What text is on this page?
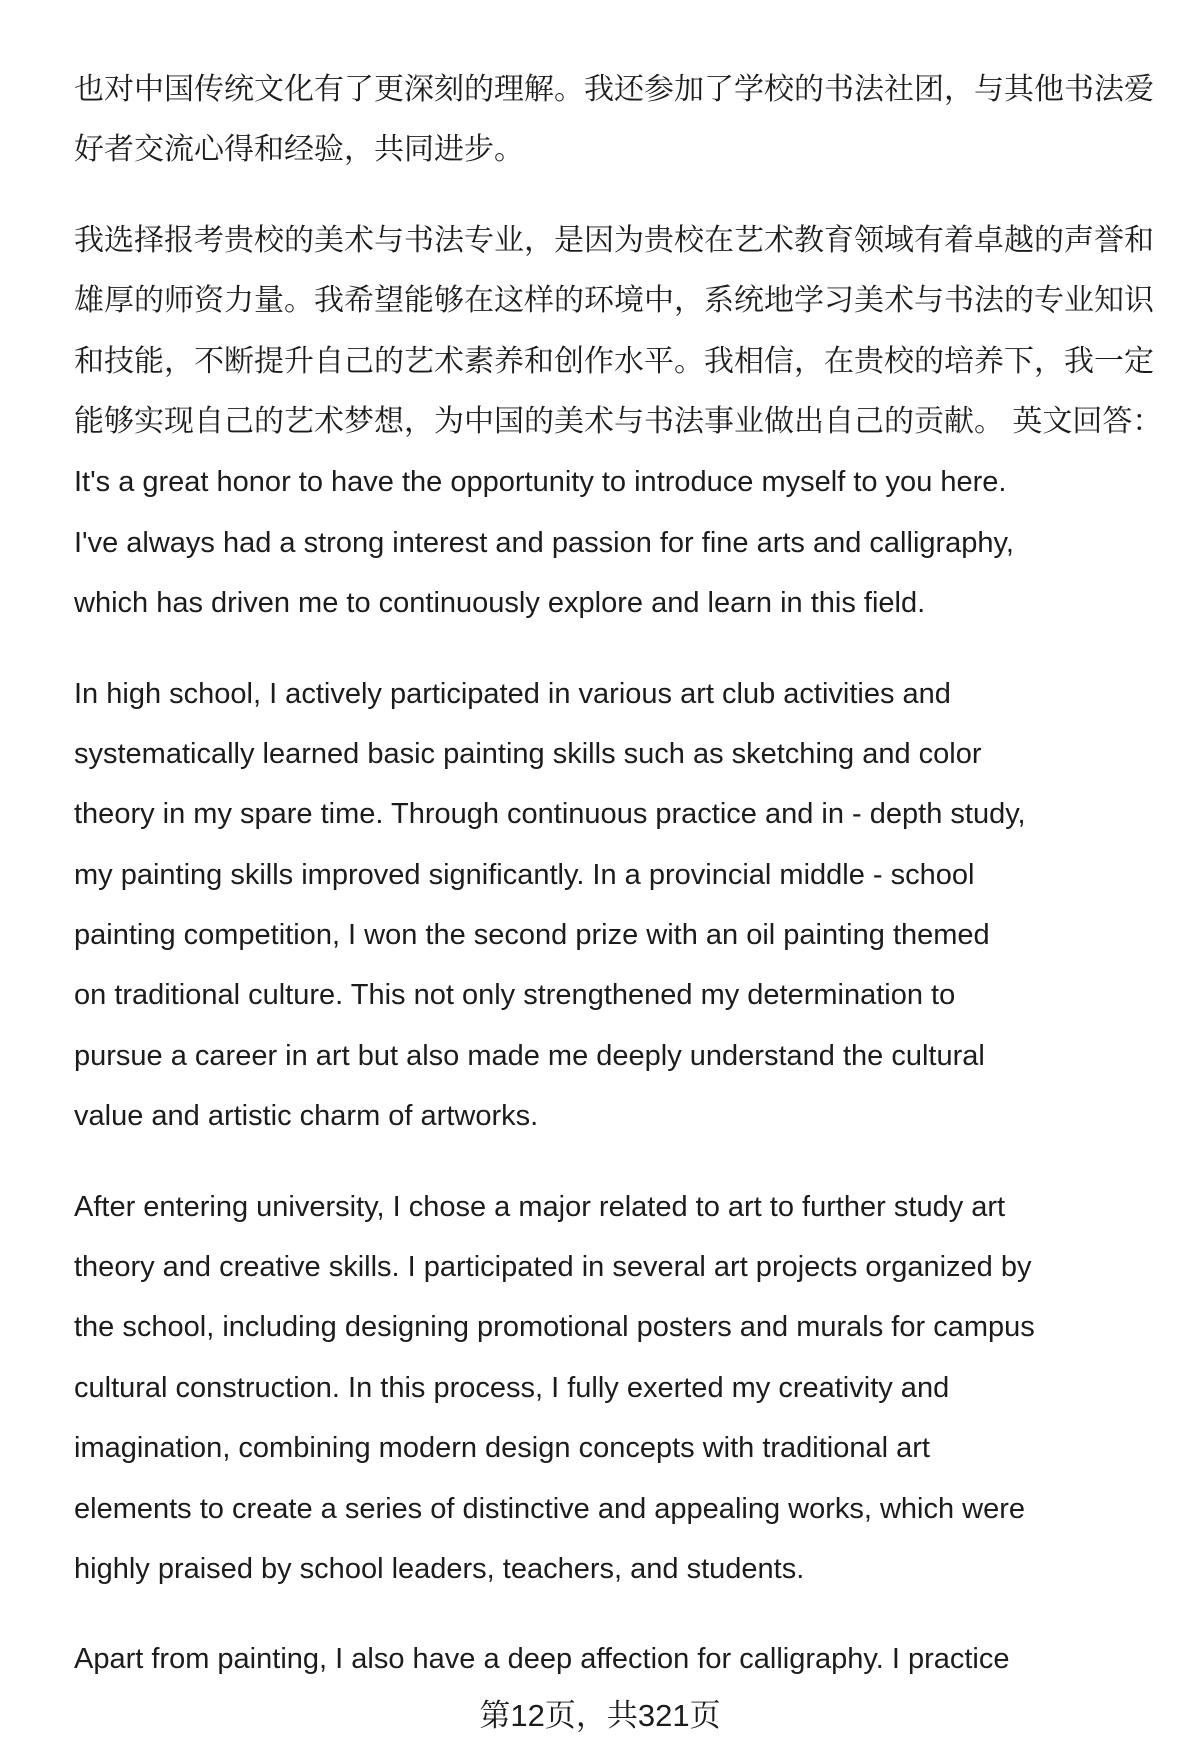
也对中国传统文化有了更深刻的理解。我还参加了学校的书法社团，与其他书法爱
好者交流心得和经验，共同进步。
我选择报考贵校的美术与书法专业，是因为贵校在艺术教育领域有着卓越的声誉和
雄厚的师资力量。我希望能够在这样的环境中，系统地学习美术与书法的专业知识
和技能，不断提升自己的艺术素养和创作水平。我相信，在贵校的培养下，我一定
能够实现自己的艺术梦想，为中国的美术与书法事业做出自己的贡献。 英文回答：
It's a great honor to have the opportunity to introduce myself to you here.
I've always had a strong interest and passion for fine arts and calligraphy,
which has driven me to continuously explore and learn in this field.
In high school, I actively participated in various art club activities and
systematically learned basic painting skills such as sketching and color
theory in my spare time. Through continuous practice and in - depth study,
my painting skills improved significantly. In a provincial middle - school
painting competition, I won the second prize with an oil painting themed
on traditional culture. This not only strengthened my determination to
pursue a career in art but also made me deeply understand the cultural
value and artistic charm of artworks.
After entering university, I chose a major related to art to further study art
theory and creative skills. I participated in several art projects organized by
the school, including designing promotional posters and murals for campus
cultural construction. In this process, I fully exerted my creativity and
imagination, combining modern design concepts with traditional art
elements to create a series of distinctive and appealing works, which were
highly praised by school leaders, teachers, and students.
Apart from painting, I also have a deep affection for calligraphy. I practice
第12页，共321页
